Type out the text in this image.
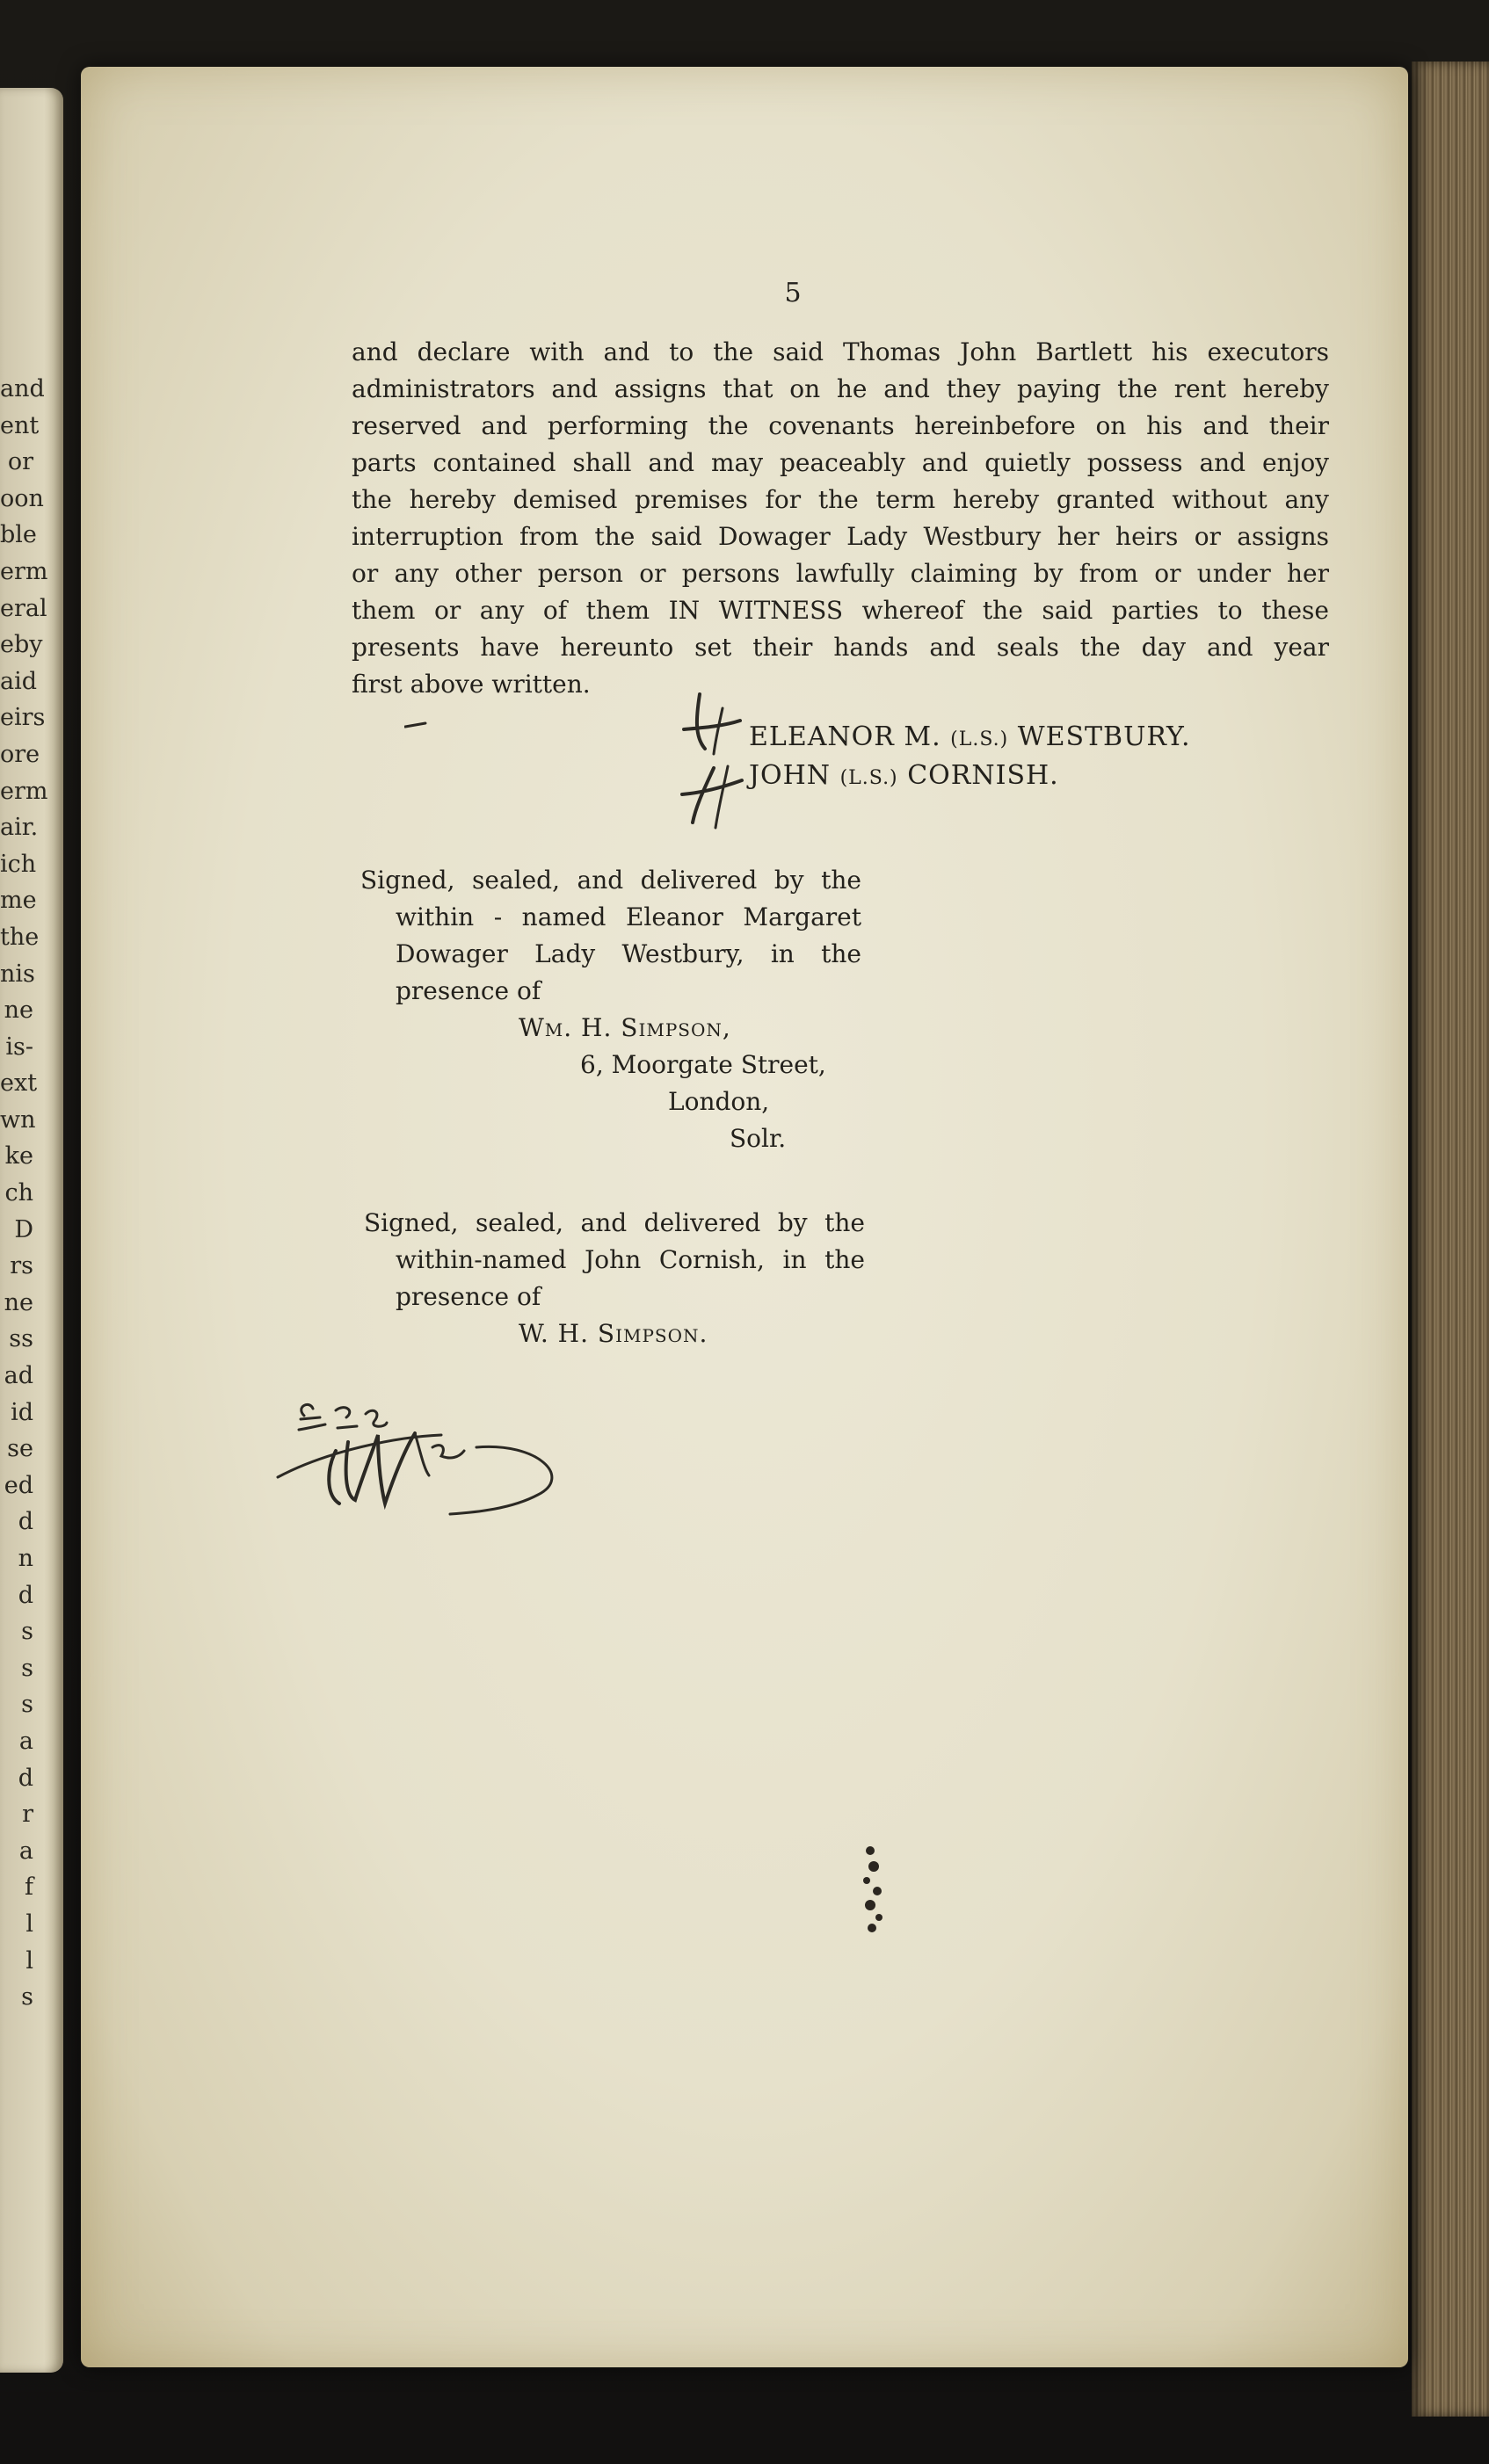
and
ent
or
oon
ble
erm
eral
eby
aid
eirs
ore
erm
air.
ich
me
the
nis
ne
is-
ext
wn
ke
ch
D
rs
ne
ss
ad
id
se
ed
d
n
d
s
s
s
a
d
r
a
f
l
l
s
5
and declare with and to the said Thomas John Bartlett his executors
administrators and assigns that on he and they paying the rent hereby
reserved and performing the covenants hereinbefore on his and their
parts contained shall and may peaceably and quietly possess and enjoy
the hereby demised premises for the term hereby granted without any
interruption from the said Dowager Lady Westbury her heirs or assigns
or any other person or persons lawfully claiming by from or under her
them or any of them IN WITNESS whereof the said parties to these
presents have hereunto set their hands and seals the day and year
first above written.
ELEANOR M. (L.S.) WESTBURY.
JOHN (L.S.) CORNISH.
Signed, sealed, and delivered by the
within - named Eleanor Margaret
Dowager Lady Westbury, in the
presence of
Wm. H. Simpson,
6, Moorgate Street,
London,
Solr.
Signed, sealed, and delivered by the
within-named John Cornish, in the
presence of
W. H. Simpson.
